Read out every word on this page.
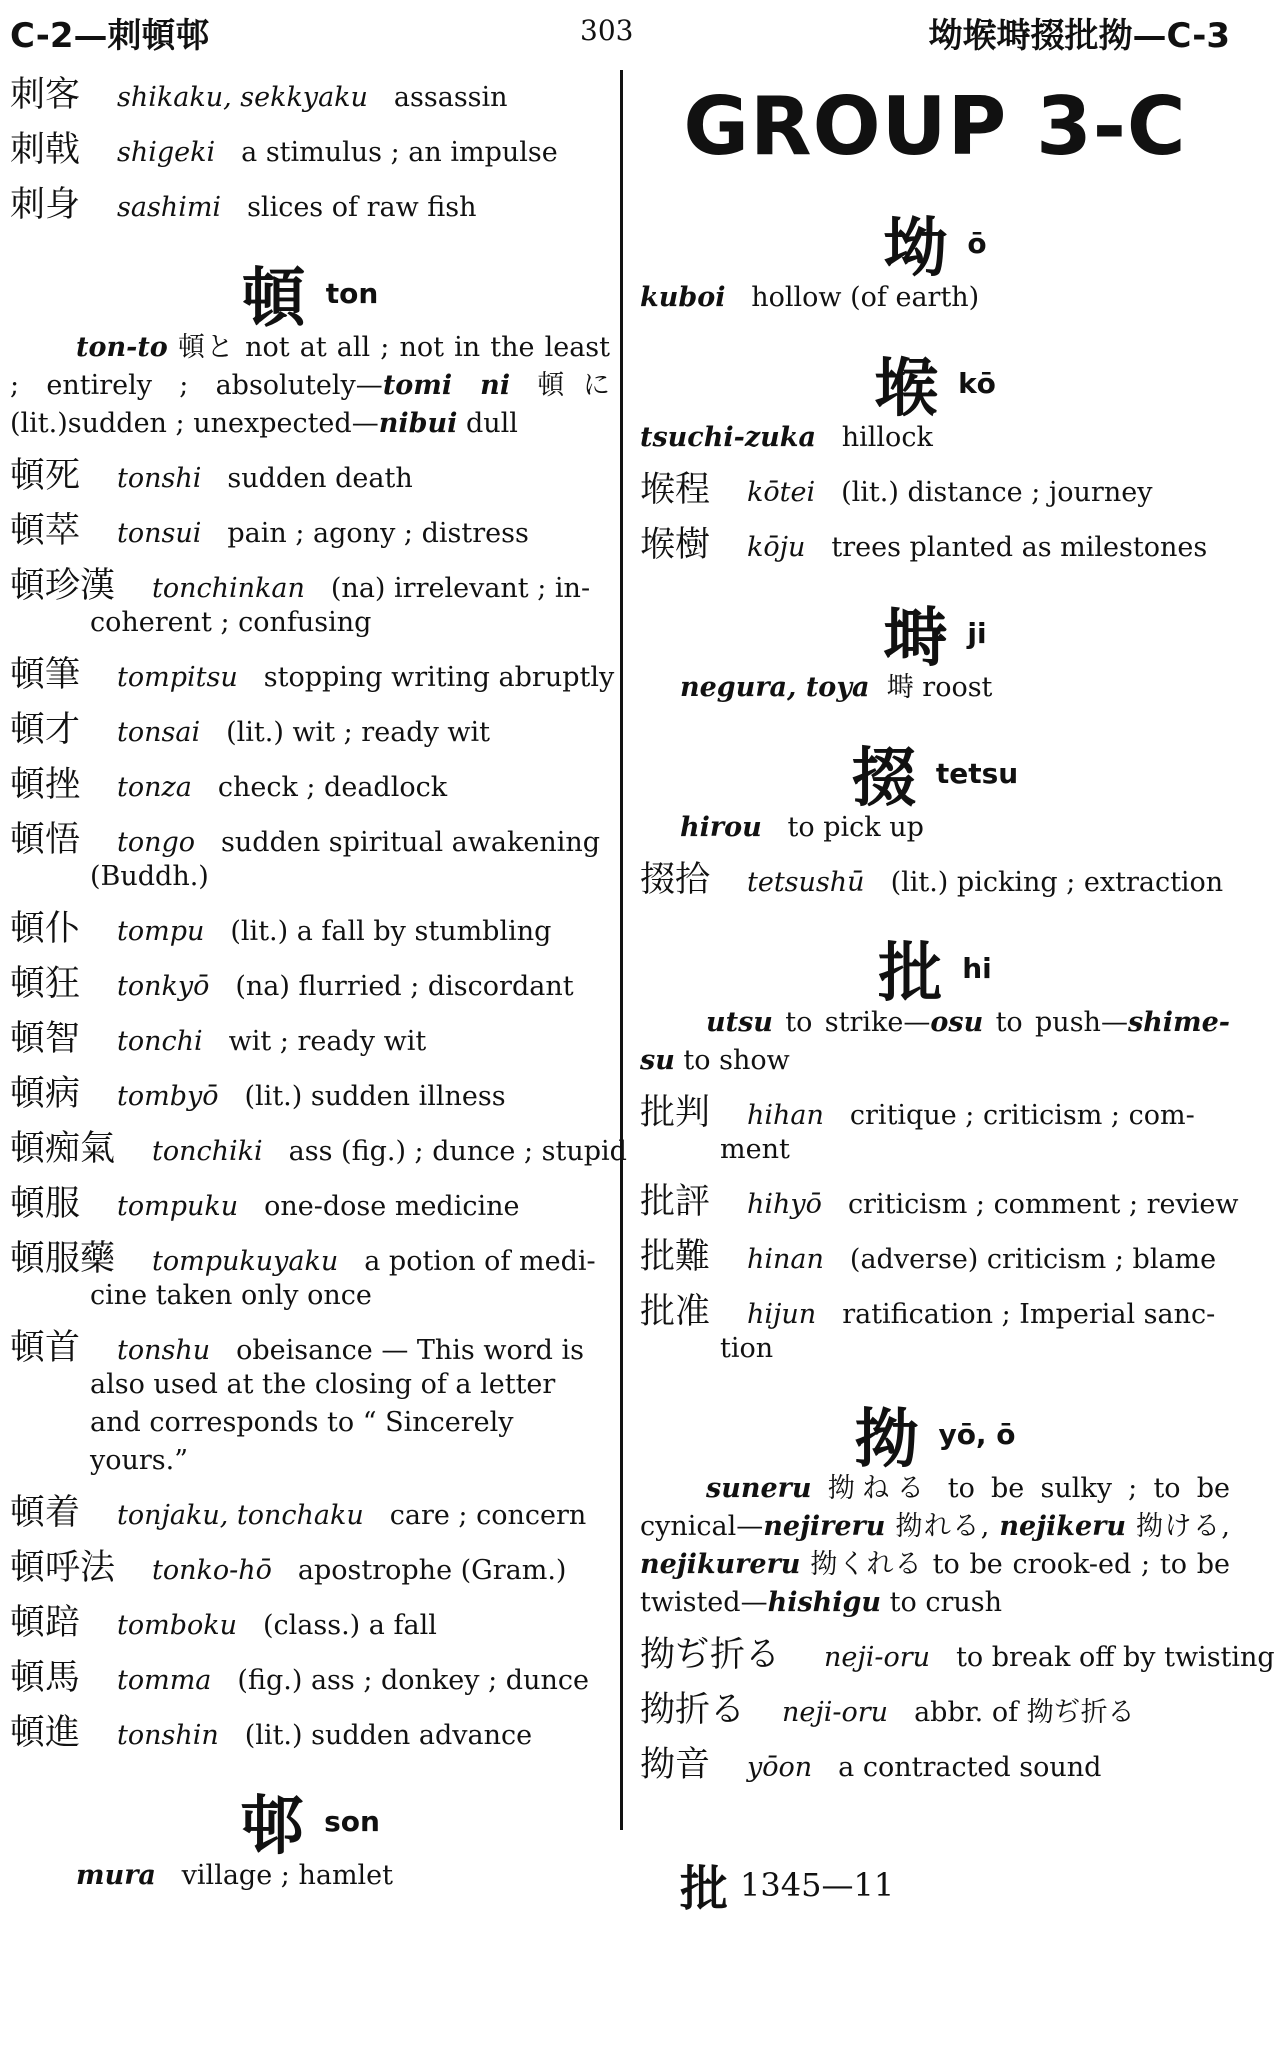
C-2—刺頓邨	303	坳堠塒掇批拗—C-3
刺客 shikaku, sekkyaku assassin
刺戟 shigeki a stimulus ; an impulse
刺身 sashimi slices of raw fish
頓ton

ton-to 頓と not at all ; not in the least ; entirely ; absolutely—tomi ni 頓に (lit.)sudden ; unexpected—nibui dull

頓死 tonshi sudden death
頓萃 tonsui pain ; agony ; distress
頓珍漢 tonchinkan (na) irrelevant ; in-
coherent ; confusing
頓筆 tompitsu stopping writing abruptly
頓才 tonsai (lit.) wit ; ready wit
頓挫 tonza check ; deadlock
頓悟 tongo sudden spiritual awakening
(Buddh.)
頓仆 tompu (lit.) a fall by stumbling
頓狂 tonkyō (na) flurried ; discordant
頓智 tonchi wit ; ready wit
頓病 tombyō (lit.) sudden illness
頓痴氣 tonchiki ass (fig.) ; dunce ; stupid
頓服 tompuku one-dose medicine
頓服藥 tompukuyaku a potion of medi-
cine taken only once
頓首 tonshu obeisance — This word is
also used at the closing of a letter and corresponds to “ Sincerely yours.”
頓着 tonjaku, tonchaku care ; concern
頓呼法 tonko-hō apostrophe (Gram.)
頓踣 tomboku (class.) a fall
頓馬 tomma (fig.) ass ; donkey ; dunce
頓進 tonshin (lit.) sudden advance
邨son

mura village ; hamlet

GROUP 3-C
坳ō

kuboi hollow (of earth)

堠kō

tsuchi-zuka hillock

堠程 kōtei (lit.) distance ; journey
堠樹 kōju trees planted as milestones
塒ji

negura, toya 塒 roost

掇tetsu

hirou to pick up

掇拾 tetsushū (lit.) picking ; extraction
批hi

utsu to strike—osu to push—shime-su to show

批判 hihan critique ; criticism ; com-
ment
批評 hihyō criticism ; comment ; review
批難 hinan (adverse) criticism ; blame
批准 hijun ratification ; Imperial sanc-
tion
拗yō, ō

suneru 拗ねる to be sulky ; to be cynical—nejireru 拗れる, nejikeru 拗ける, nejikureru 拗くれる to be crook-ed ; to be twisted—hishigu to crush

拗ぢ折る neji-oru to break off by twisting
拗折る neji-oru abbr. of 拗ぢ折る
拗音 yōon a contracted sound
批 1345—11
